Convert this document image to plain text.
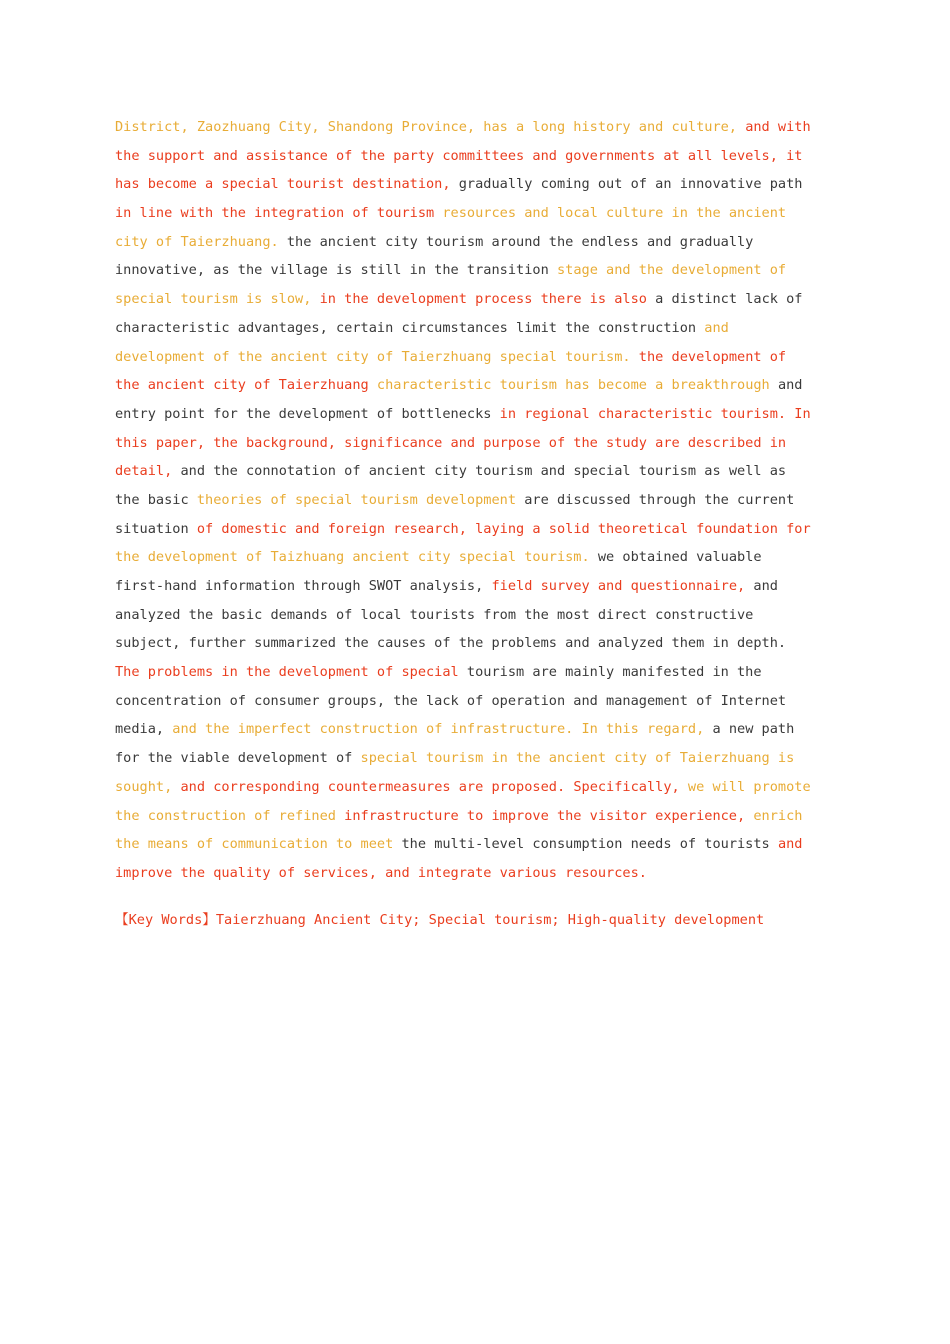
District, Zaozhuang City, Shandong Province, has a long history and culture, and with
the support and assistance of the party committees and governments at all levels, it
has become a special tourist destination, gradually coming out of an innovative path
in line with the integration of tourism resources and local culture in the ancient
city of Taierzhuang. the ancient city tourism around the endless and gradually
innovative, as the village is still in the transition stage and the development of
special tourism is slow, in the development process there is also a distinct lack of
characteristic advantages, certain circumstances limit the construction and
development of the ancient city of Taierzhuang special tourism. the development of
the ancient city of Taierzhuang characteristic tourism has become a breakthrough and
entry point for the development of bottlenecks in regional characteristic tourism. In
this paper, the background, significance and purpose of the study are described in
detail, and the connotation of ancient city tourism and special tourism as well as
the basic theories of special tourism development are discussed through the current
situation of domestic and foreign research, laying a solid theoretical foundation for
the development of Taizhuang ancient city special tourism. we obtained valuable
first-hand information through SWOT analysis, field survey and questionnaire, and
analyzed the basic demands of local tourists from the most direct constructive
subject, further summarized the causes of the problems and analyzed them in depth.
The problems in the development of special tourism are mainly manifested in the
concentration of consumer groups, the lack of operation and management of Internet
media, and the imperfect construction of infrastructure. In this regard, a new path
for the viable development of special tourism in the ancient city of Taierzhuang is
sought, and corresponding countermeasures are proposed. Specifically, we will promote
the construction of refined infrastructure to improve the visitor experience, enrich
the means of communication to meet the multi-level consumption needs of tourists and
improve the quality of services, and integrate various resources.
【Key Words】Taierzhuang Ancient City; Special tourism; High-quality development
